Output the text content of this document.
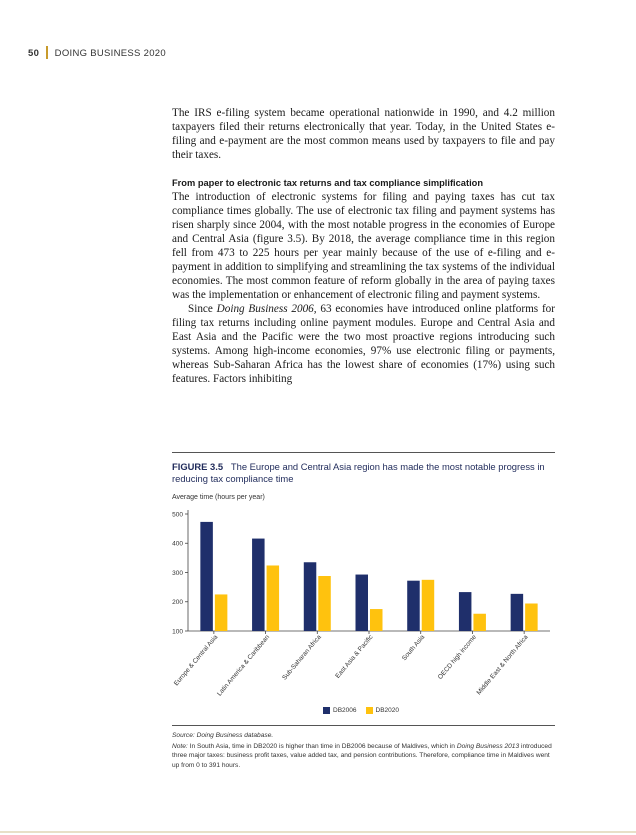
50 DOING BUSINESS 2020

The IRS e-filing system became operational nationwide in 1990, and 4.2 million taxpayers filed their returns electronically that year. Today, in the United States e-filing and e-payment are the most common means used by taxpayers to file and pay their taxes.

From paper to electronic tax returns and tax compliance simplification

The introduction of electronic systems for filing and paying taxes has cut tax compliance times globally. The use of electronic tax filing and payment systems has risen sharply since 2004, with the most notable progress in the economies of Europe and Central Asia (figure 3.5). By 2018, the average compliance time in this region fell from 473 to 225 hours per year mainly because of the use of e-filing and e-payment in addition to simplifying and streamlining the tax systems of the individual economies. The most common feature of reform globally in the area of paying taxes was the implementation or enhancement of electronic filing and payment systems.

Since Doing Business 2006, 63 economies have introduced online platforms for filing tax returns including online payment modules. Europe and Central Asia and East Asia and the Pacific were the two most proactive regions introducing such systems. Among high-income economies, 97% use electronic filing or payments, whereas Sub-Saharan Africa has the lowest share of economies (17%) using such features. Factors inhibiting

FIGURE 3.5 The Europe and Central Asia region has made the most notable progress in reducing tax compliance time
Average time (hours per year)
500
400
300
200
100
Europe & Central Asia
Latin America & Caribbean Sub-Saharan Africa East Asia & Pacific	South Asia OECD high income
Middle East & North Africa
DB2006	DB2020

Source: Doing Business database.

Note: In South Asia, time in DB2020 is higher than time in DB2006 because of Maldives, which in Doing Business 2013 introduced three major taxes: business profit taxes, value added tax, and pension contributions. Therefore, compliance time in Maldives went up from 0 to 391 hours.
